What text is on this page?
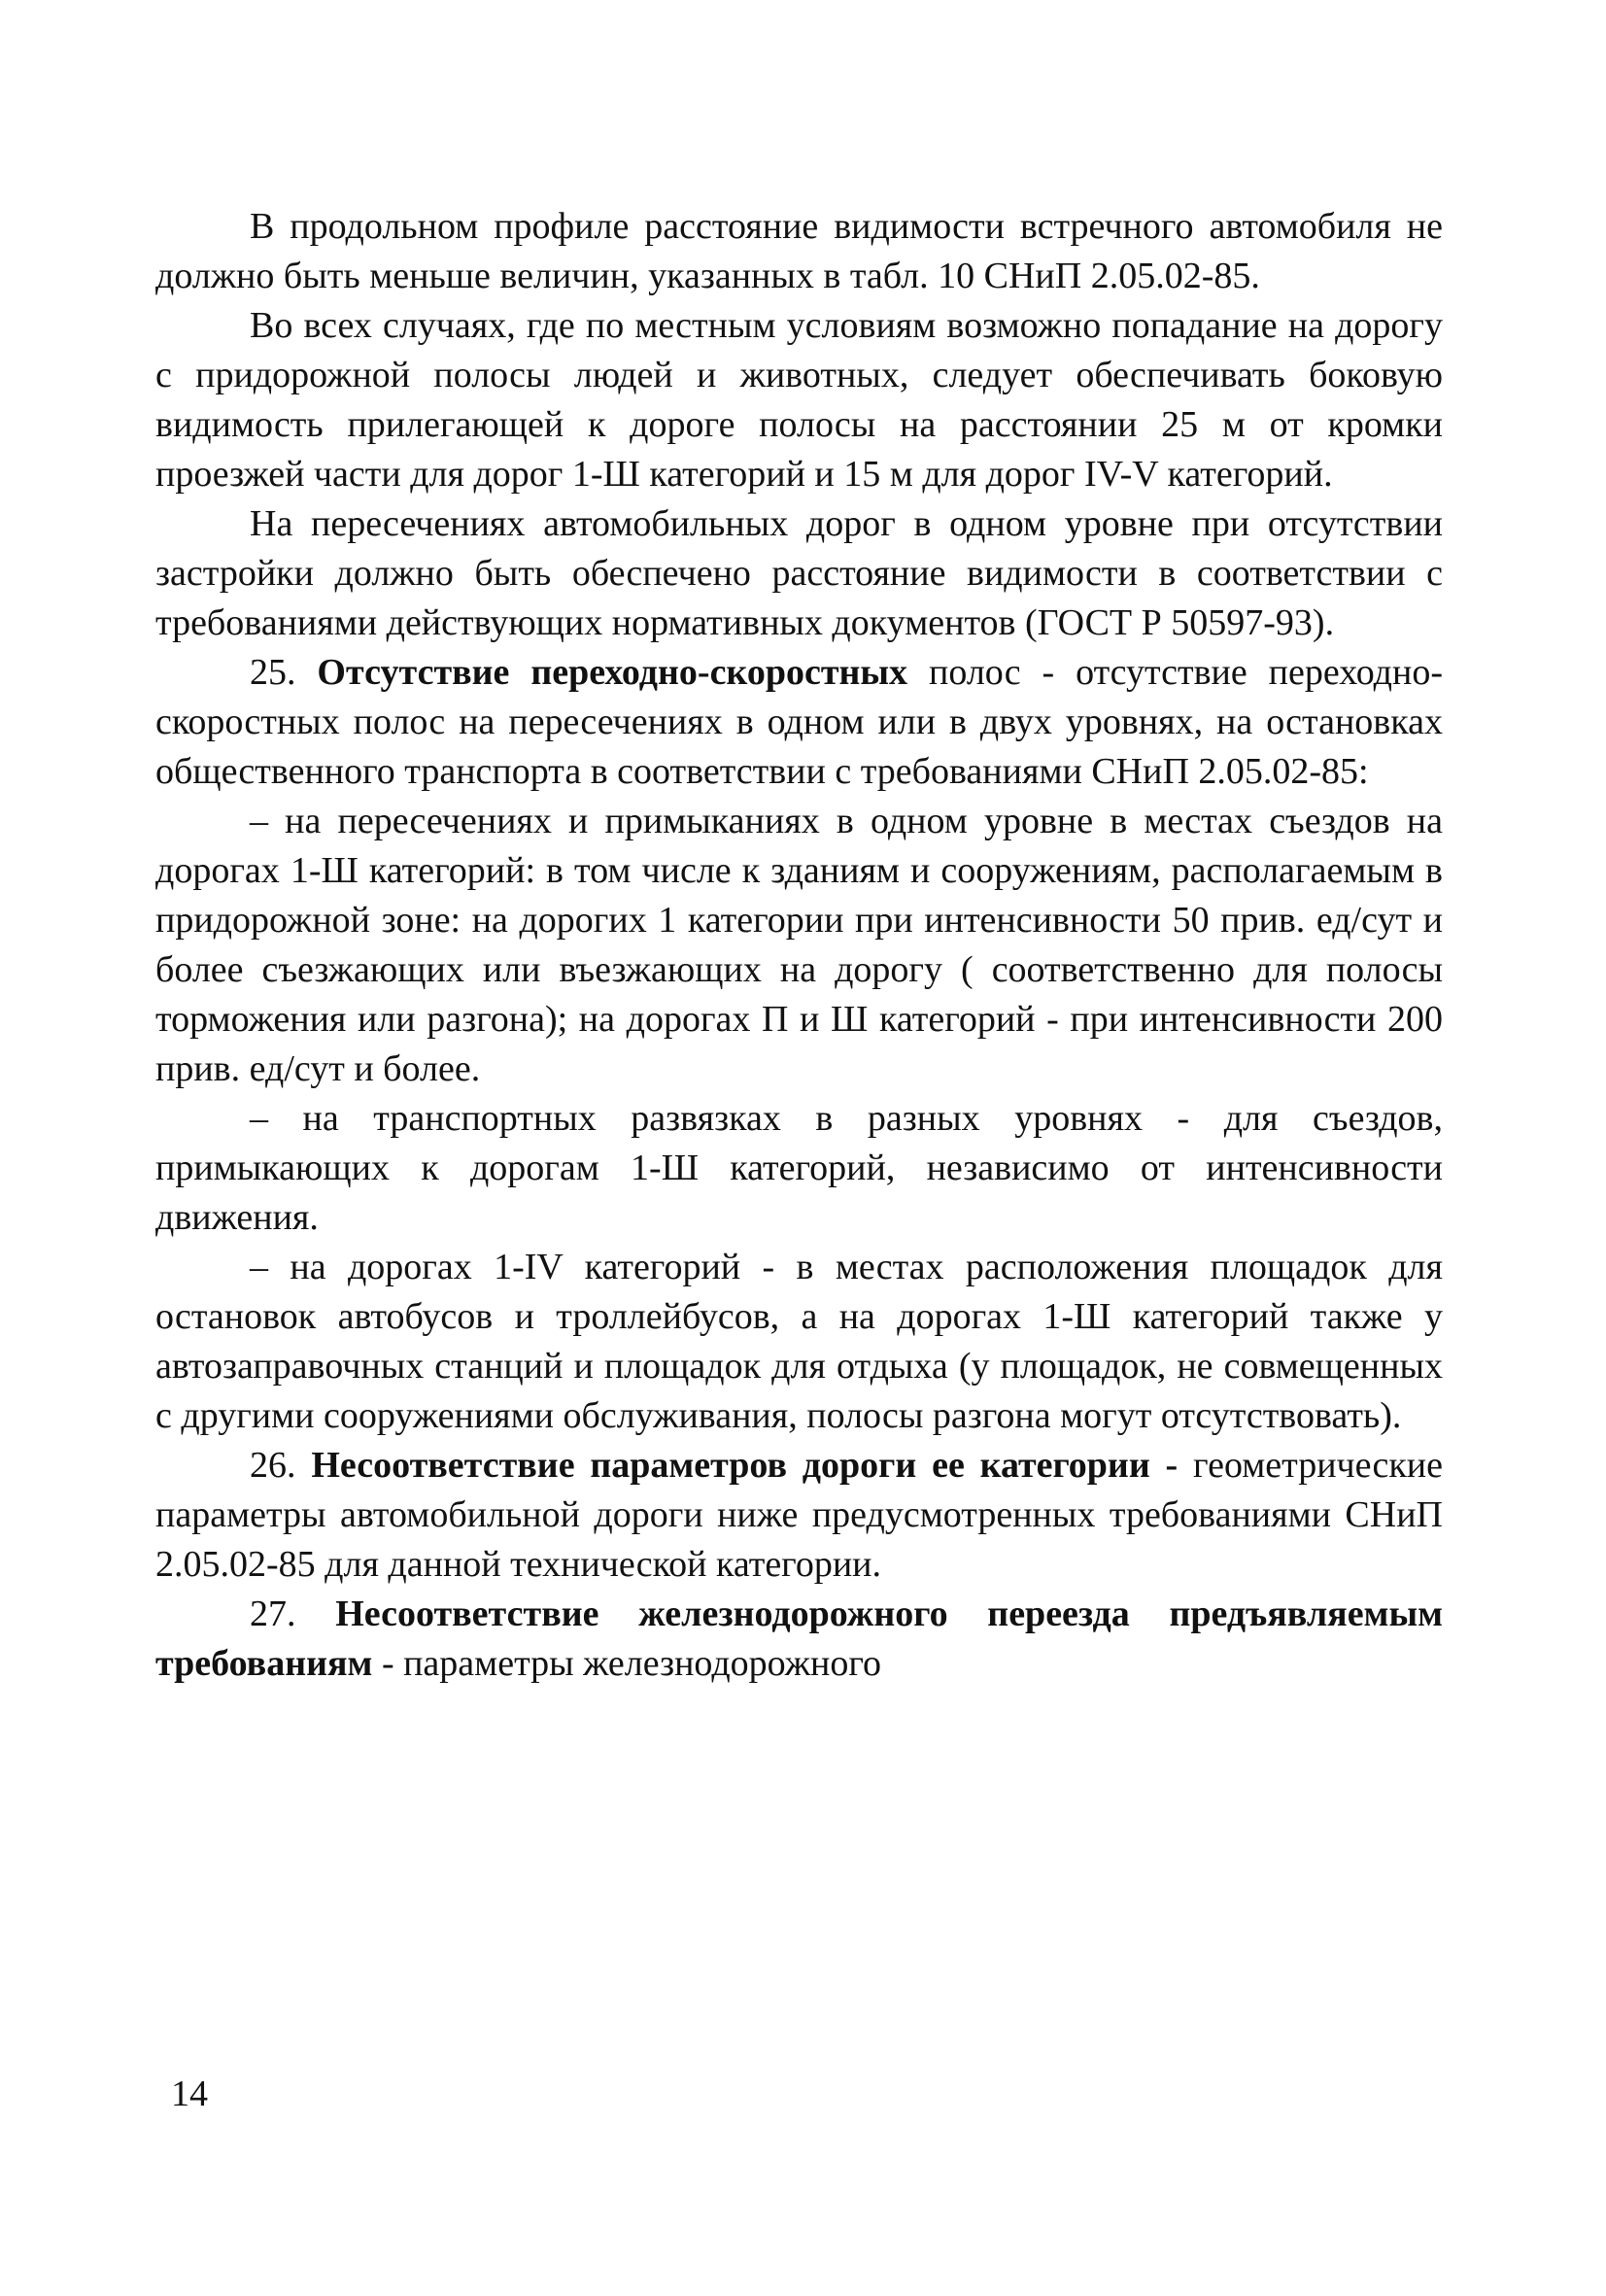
В продольном профиле расстояние видимости встречного автомобиля не должно быть меньше величин, указанных в табл. 10 СНиП 2.05.02-85.

Во всех случаях, где по местным условиям возможно попадание на дорогу с придорожной полосы людей и животных, следует обеспечивать боковую видимость прилегающей к дороге полосы на расстоянии 25 м от кромки проезжей части для дорог 1-Ш категорий и 15 м для дорог IV-V категорий.

На пересечениях автомобильных дорог в одном уровне при отсутствии застройки должно быть обеспечено расстояние видимости в соответствии с требованиями действующих нормативных документов (ГОСТ Р 50597-93).

25. Отсутствие переходно-скоростных полос - отсутствие переходно-скоростных полос на пересечениях в одном или в двух уровнях, на остановках общественного транспорта в соответствии с требованиями СНиП 2.05.02-85:

– на пересечениях и примыканиях в одном уровне в местах съездов на дорогах 1-Ш категорий: в том числе к зданиям и сооружениям, располагаемым в придорожной зоне: на дорогих 1 категории при интенсивности 50 прив. ед/сут и более съезжающих или въезжающих на дорогу ( соответственно для полосы торможения или разгона); на дорогах П и Ш категорий - при интенсивности 200 прив. ед/сут и более.

– на транспортных развязках в разных уровнях - для съездов, примыкающих к дорогам 1-Ш категорий, независимо от интенсивности движения.

– на дорогах 1-IV категорий - в местах расположения площадок для остановок автобусов и троллейбусов, а на дорогах 1-Ш категорий также у автозаправочных станций и площадок для отдыха (у площадок, не совмещенных с другими сооружениями обслуживания, полосы разгона могут отсутствовать).

26. Несоответствие параметров дороги ее категории - геометрические параметры автомобильной дороги ниже предусмотренных требованиями СНиП 2.05.02-85 для данной технической категории.

27. Несоответствие железнодорожного переезда предъявляемым требованиям - параметры железнодорожного

14
